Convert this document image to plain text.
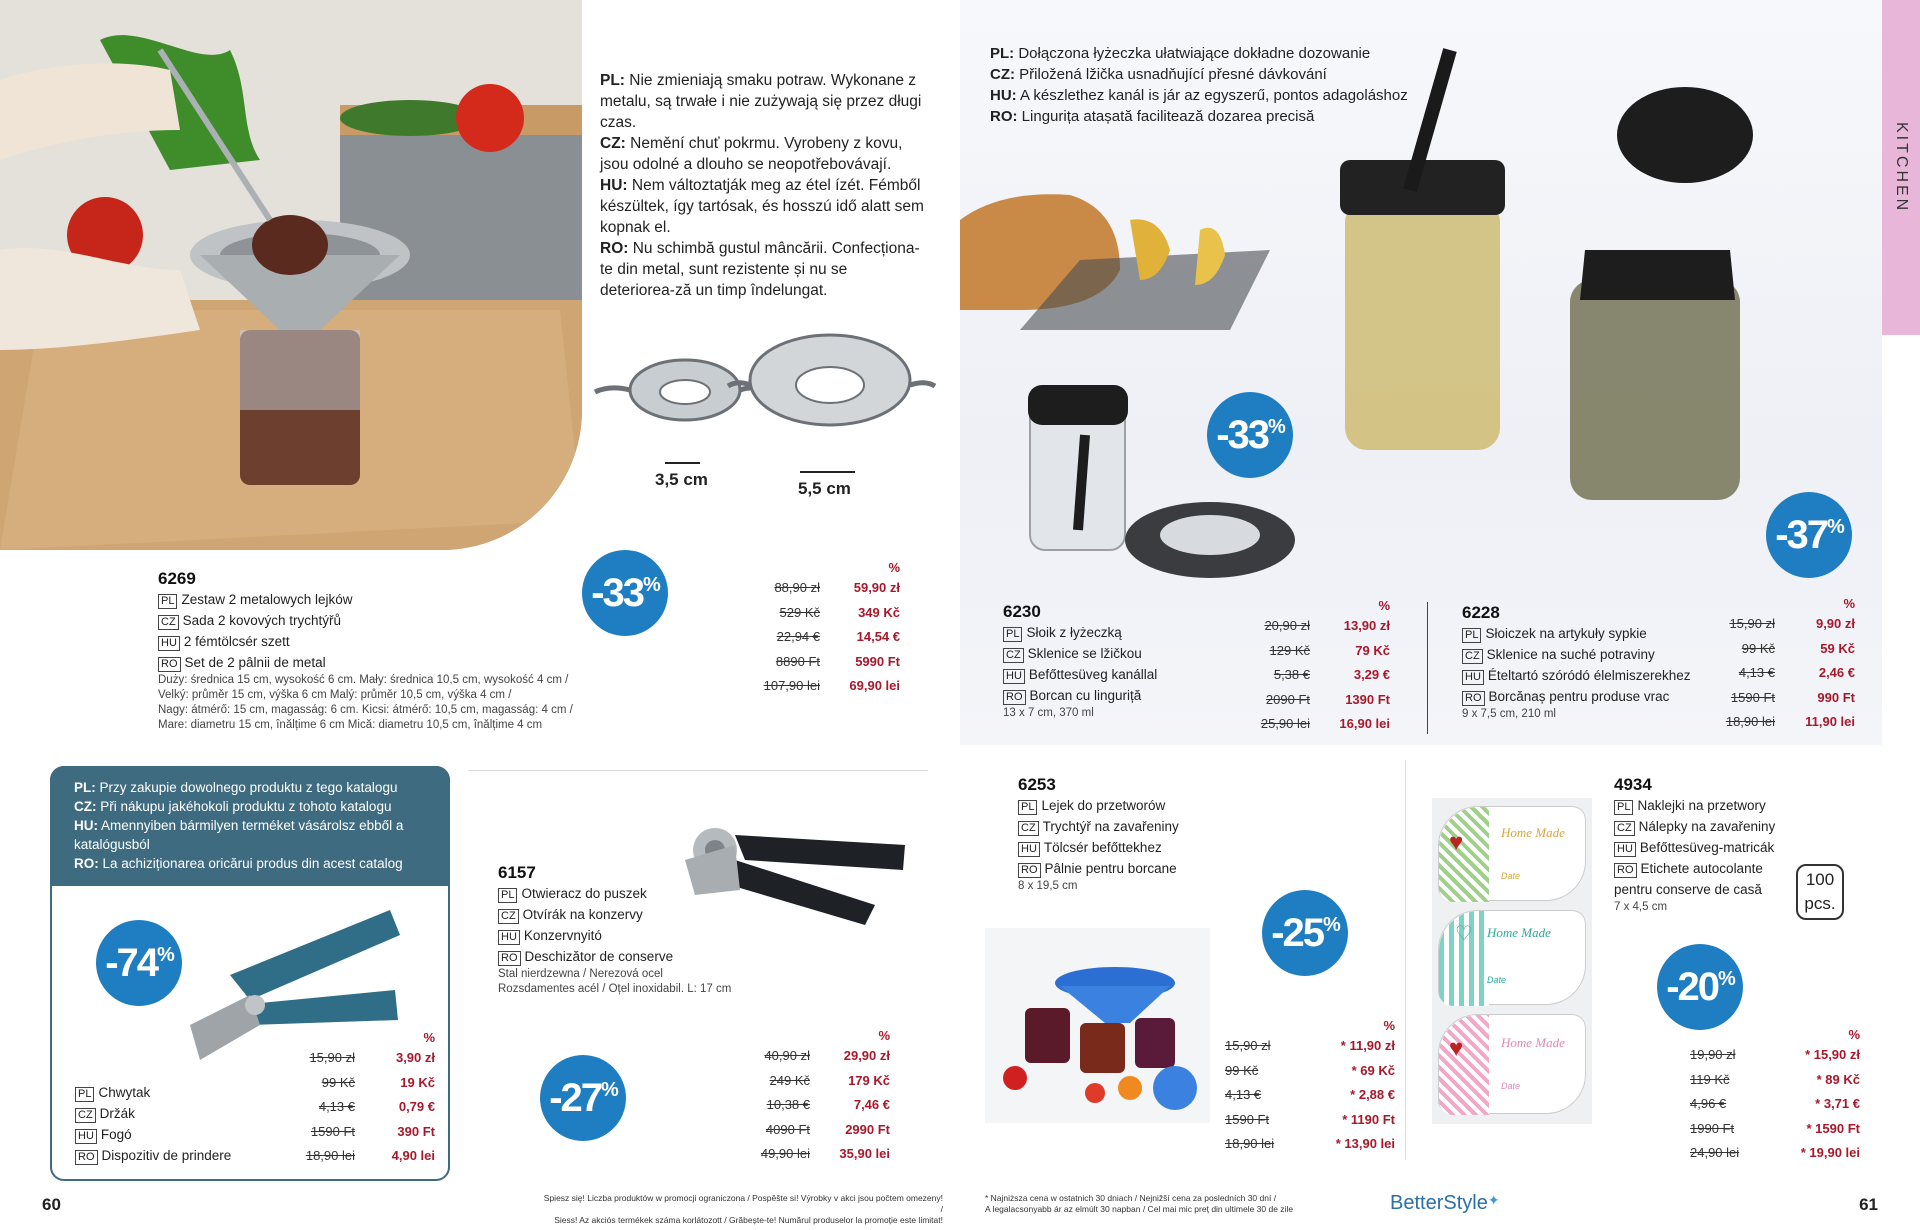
KITCHEN
PL: Nie zmieniają smaku potraw. Wykonane z metalu, są trwałe i nie zużywają się przez długi czas.
CZ: Nemění chuť pokrmu. Vyrobeny z kovu, jsou odolné a dlouho se neopotřebovávají.
HU: Nem változtatják meg az étel ízét. Fémből készültek, így tartósak, és hosszú idő alatt sem kopnak el.
RO: Nu schimbă gustul mâncării. Confecționa-te din metal, sunt rezistente și nu se deteriorea-ză un timp îndelungat.
3,5 cm	5,5 cm
6269
PL Zestaw 2 metalowych lejków
CZ Sada 2 kovových trychtýřů
HU 2 fémtölcsér szett
RO Set de 2 pâlnii de metal
Duży: średnica 15 cm, wysokość 6 cm. Mały: średnica 10,5 cm, wysokość 4 cm /
Velký: průměr 15 cm, výška 6 cm Malý: průměr 10,5 cm, výška 4 cm /
Nagy: átmérő: 15 cm, magasság: 6 cm. Kicsi: átmérő: 10,5 cm, magasság: 4 cm /
Mare: diametru 15 cm, înălțime 6 cm Mică: diametru 10,5 cm, înălțime 4 cm
-33 %
%
88,90 zł	59,90 zł
529 Kč	349 Kč
22,94 €	14,54 €
8890 Ft	5990 Ft
107,90 lei	69,90 lei
PL: Dołączona łyżeczka ułatwiające dokładne dozowanie
CZ: Přiložená lžička usnadňující přesné dávkování
HU: A készlethez kanál is jár az egyszerű, pontos adagoláshoz
RO: Lingurița atașată facilitează dozarea precisă
-33 %
-37 %
6230
PL Słoik z łyżeczką
CZ Sklenice se lžičkou
HU Befőttesüveg kanállal
RO Borcan cu linguriță
13 x 7 cm, 370 ml
%
20,90 zł	13,90 zł
129 Kč	79 Kč
5,38 €	3,29 €
2090 Ft	1390 Ft
25,90 lei	16,90 lei
6228
PL Słoiczek na artykuły sypkie
CZ Sklenice na suché potraviny
HU Ételtartó szóródó élelmiszerekhez
RO Borcănaș pentru produse vrac
9 x 7,5 cm, 210 ml
%
15,90 zł	9,90 zł
99 Kč	59 Kč
4,13 €	2,46 €
1590 Ft	990 Ft
18,90 lei	11,90 lei
PL: Przy zakupie dowolnego produktu z tego katalogu
CZ: Při nákupu jakéhokoli produktu z tohoto katalogu
HU: Amennyiben bármilyen terméket vásárolsz ebből a katalógusból
RO: La achiziționarea oricărui produs din acest catalog
-74 %
PL Chwytak
CZ Držák
HU Fogó
RO Dispozitiv de prindere
%
15,90 zł	3,90 zł
99 Kč	19 Kč
4,13 €	0,79 €
1590 Ft	390 Ft
18,90 lei	4,90 lei
6157
PL Otwieracz do puszek
CZ Otvírák na konzervy
HU Konzervnyitó
RO Deschizător de conserve
Stal nierdzewna / Nerezová ocel
Rozsdamentes acél / Oțel inoxidabil. L: 17 cm
-27 %
%
40,90 zł	29,90 zł
249 Kč	179 Kč
10,38 €	7,46 €
4090 Ft	2990 Ft
49,90 lei	35,90 lei
6253
PL Lejek do przetworów
CZ Trychtýř na zavařeniny
HU Tölcsér befőttekhez
RO Pâlnie pentru borcane
8 x 19,5 cm
-25 %
%
15,90 zł	* 11,90 zł
99 Kč	* 69 Kč
4,13 €	* 2,88 €
1590 Ft	* 1190 Ft
18,90 lei	* 13,90 lei
♥	Home Made
Date
♡ Home Made
Date
♥	Home Made
Date
4934
PL Naklejki na przetwory
CZ Nálepky na zavařeniny
HU Befőttesüveg-matricák
RO Etichete autocolante pentru conserve de casă
7 x 4,5 cm
100
pcs.
-20 %
%
19,90 zł	* 15,90 zł
119 Kč	* 89 Kč
4,96 €	* 3,71 €
1990 Ft	* 1590 Ft
24,90 lei	* 19,90 lei
60	Spiesz się! Liczba produktów w promocji ograniczona / Pospěšte si! Výrobky v akci jsou počtem omezeny! /
Siess! Az akciós termékek száma korlátozott / Grăbește-te! Numărul produselor la promoție este limitat!
* Najniższa cena w ostatnich 30 dniach / Nejnižší cena za posledních 30 dní /
A legalacsonyabb ár az elmúlt 30 napban / Cel mai mic preț din ultimele 30 de zile	BetterStyle✦	61
